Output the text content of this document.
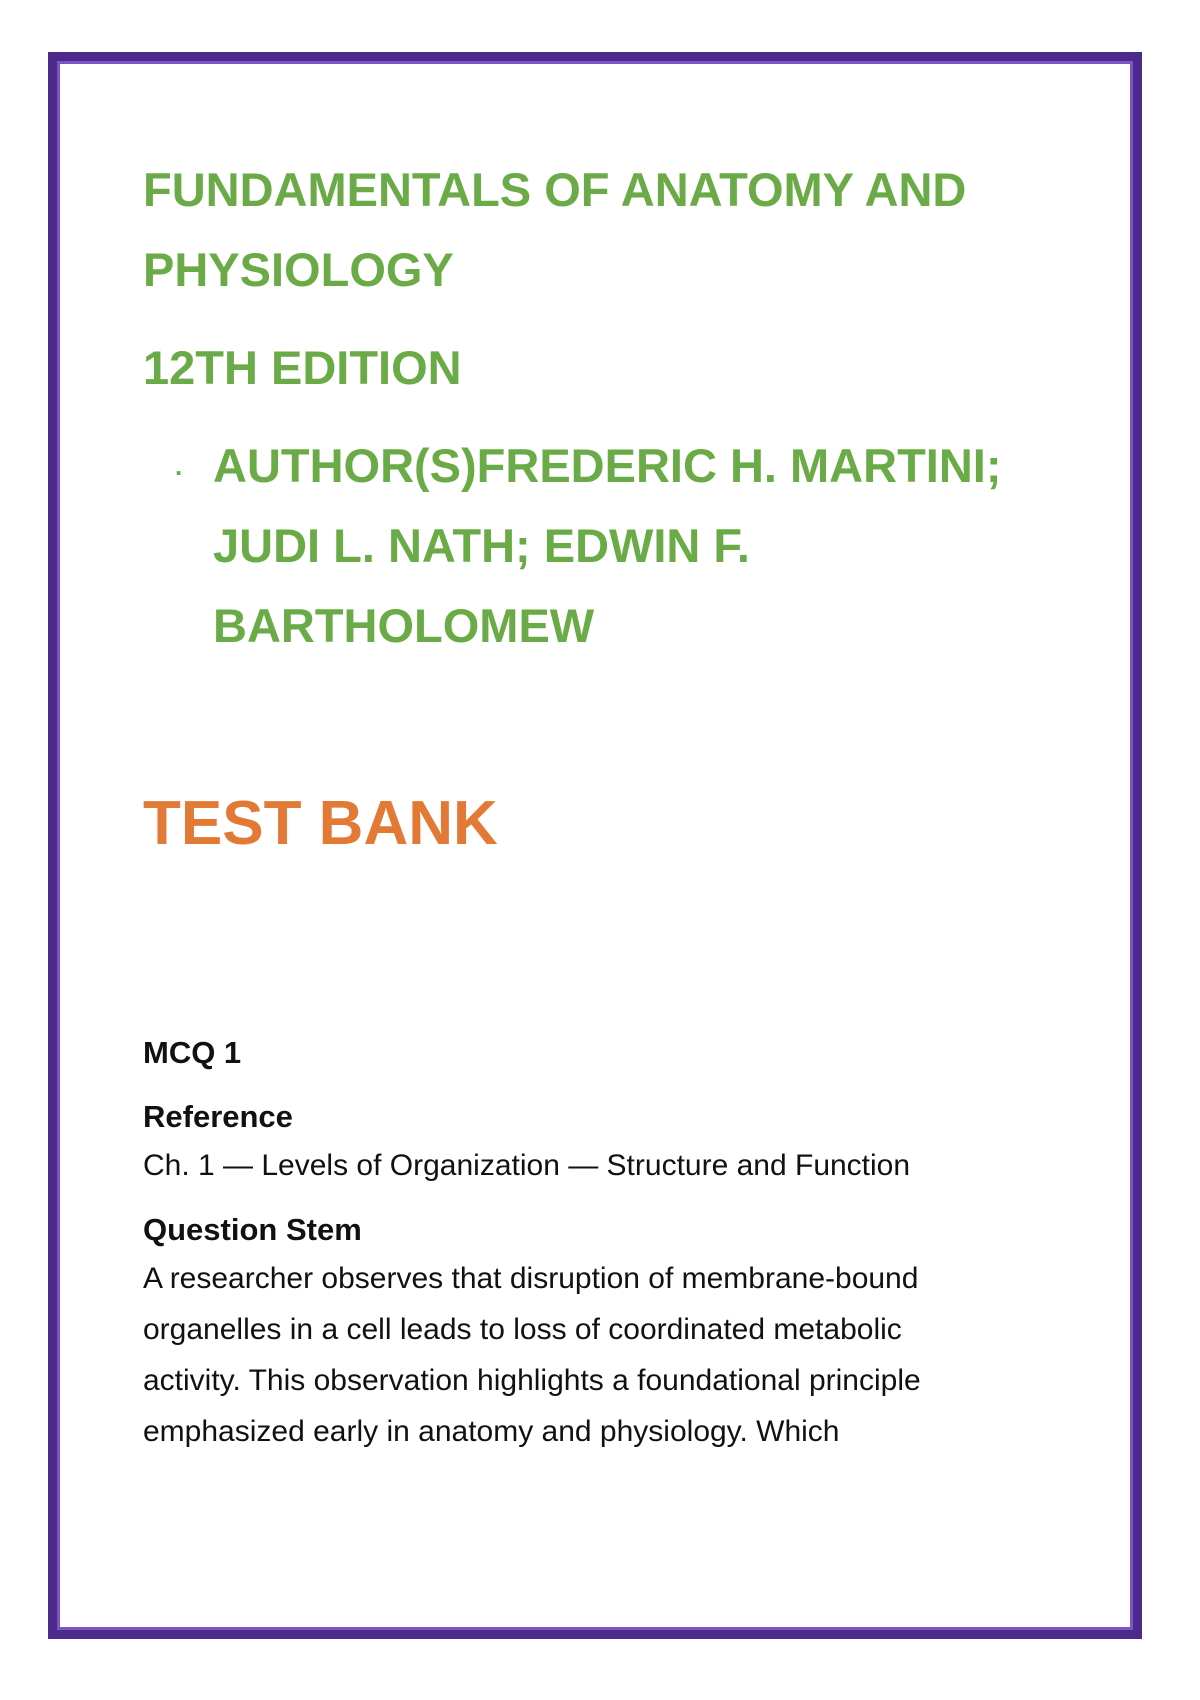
FUNDAMENTALS OF ANATOMY AND
PHYSIOLOGY
12TH EDITION
. AUTHOR(S)FREDERIC H. MARTINI;
JUDI L. NATH; EDWIN F.
BARTHOLOMEW
TEST BANK
MCQ 1
Reference
Ch. 1 — Levels of Organization — Structure and Function
Question Stem
A researcher observes that disruption of membrane-bound
organelles in a cell leads to loss of coordinated metabolic
activity. This observation highlights a foundational principle
emphasized early in anatomy and physiology. Which
